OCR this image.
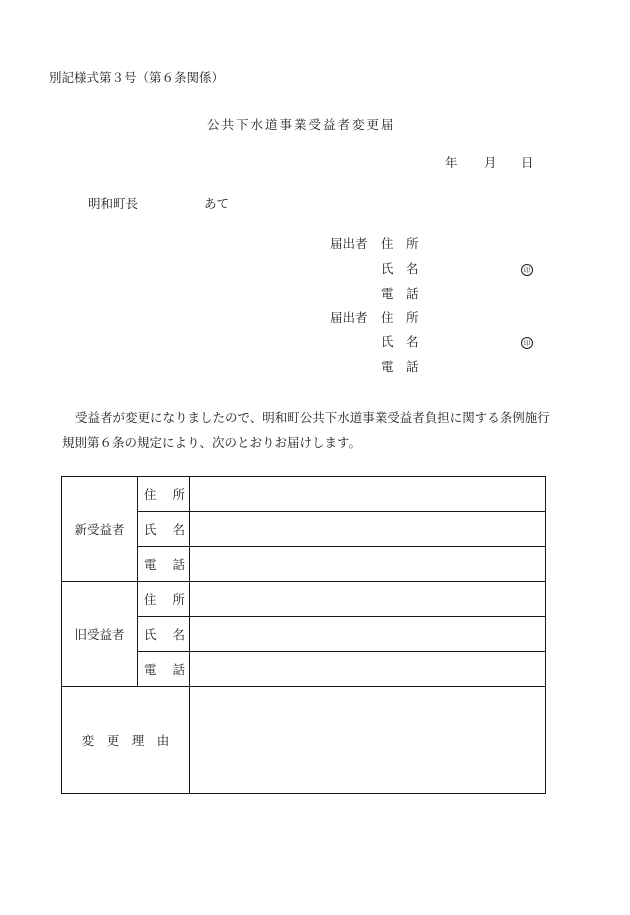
別記様式第３号（第６条関係）
公共下水道事業受益者変更届
年 月 日
明和町長	あて
届出者 住 所
氏 名	印
電 話
届出者 住 所
氏 名	印
電 話
受益者が変更になりましたので、明和町公共下水道事業受益者負担に関する条例施行規則第６条の規定により、次のとおりお届けします。
新受益者	住 所	
	氏 名	
	電 話	
旧受益者	住 所	
	氏 名	
	電 話	
変　更　理　由		
